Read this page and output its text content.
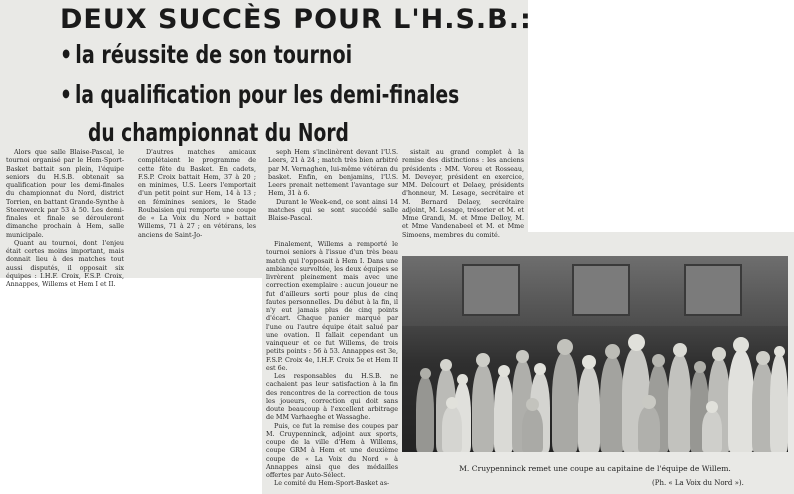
DEUX SUCCÈS POUR L'H.S.B.:
• la réussite de son tournoi
• la qualification pour les demi-finales
du championnat du Nord

Alors que salle Blaise-Pascal, le tournoi organisé par le Hem-Sport-Basket battait son plein, l'équipe seniors du H.S.B. obtenait sa qualification pour les demi-finales du championnat du Nord, district Torrien, en battant Grande-Synthe à Steenwerck par 53 à 50. Les demi-finales et finale se dérouleront dimanche prochain à Hem, salle municipale.

Quant au tournoi, dont l'enjeu était certes moins important, mais donnait lieu à des matches tout aussi disputés, il opposait six équipes : I.H.F. Croix, F.S.P. Croix, Annappes, Willems et Hem I et II.

D'autres matches amicaux complétaient le programme de cette fête du Basket. En cadets, F.S.P. Croix battait Hem, 37 à 20 ; en minimes, U.S. Leers l'emportait d'un petit point sur Hem, 14 à 13 ; en féminines seniors, le Stade Roubaisien qui remporte une coupe de « La Voix du Nord » battait Willems, 71 à 27 ; en vétérans, les anciens de Saint-Jo-

seph Hem s'inclinèrent devant l'U.S. Leers, 21 à 24 ; match très bien arbitré par M. Vernaghen, lui-même vétéran du basket. Enfin, en benjamins, l'U.S. Leers prenait nettement l'avantage sur Hem, 31 à 6.

Durant le Week-end, ce sont ainsi 14 matches qui se sont succédé salle Blaise-Pascal.

sistait au grand complet à la remise des distinctions : les anciens présidents : MM. Voreu et Rosseau, M. Deveyer, président en exercice, MM. Delcourt et Delaey, présidents d'honneur, M. Lesage, secrétaire et M. Bernard Delaey, secrétaire adjoint, M. Lesage, trésorier et M. et Mme Grandi, M. et Mme Delloy, M. et Mme Vandenabeel et M. et Mme Simoens, membres du comité.

Finalement, Willems a remporté le tournoi seniors à l'issue d'un très beau match qui l'opposait à Hem I. Dans une ambiance survoltée, les deux équipes se livrèrent pleinement mais avec une correction exemplaire : aucun joueur ne fut d'ailleurs sorti pour plus de cinq fautes personnelles. Du début à la fin, il n'y eut jamais plus de cinq points d'écart. Chaque panier marqué par l'une ou l'autre équipe était salué par une ovation. Il fallait cependant un vainqueur et ce fut Willems, de trois petits points : 56 à 53. Annappes est 3e, F.S.P. Croix 4e, I.H.F. Croix 5e et Hem II est 6e.

Les responsables du H.S.B. ne cachaient pas leur satisfaction à la fin des rencontres de la correction de tous les joueurs, correction qui doit sans doute beaucoup à l'excellent arbitrage de MM Varhaeghe et Wassaghe.

Puis, ce fut la remise des coupes par M. Cruypenninck, adjoint aux sports, coupe de la ville d'Hem à Willems, coupe GRM à Hem et une deuxième coupe de « La Voix du Nord » à Annappes ainsi que des médailles offertes par Auto-Sélect.

Le comité du Hem-Sport-Basket as-

M. Cruypenninck remet une coupe au capitaine de l'équipe de Willem.
(Ph. « La Voix du Nord »).
